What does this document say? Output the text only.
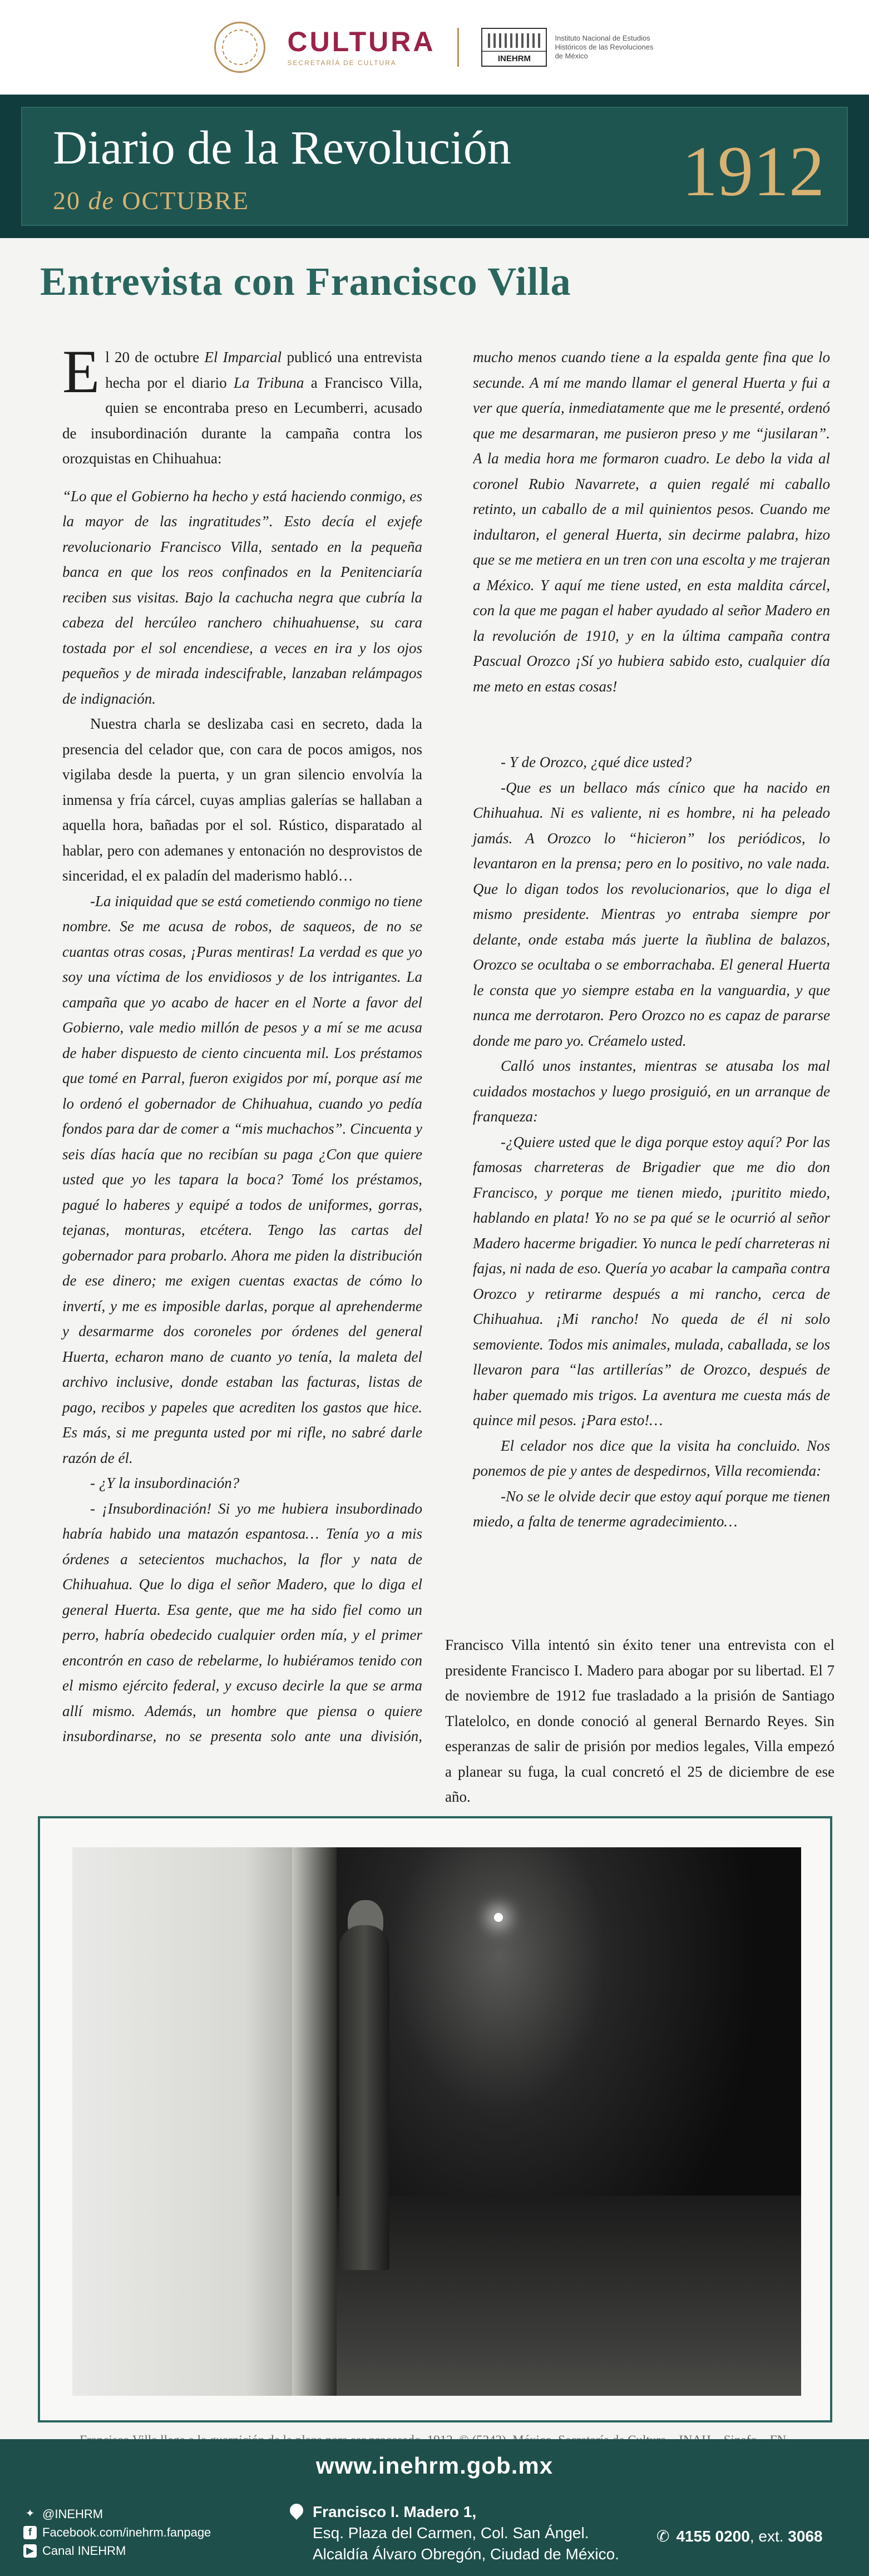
CULTURA
SECRETARÍA DE CULTURA	INEHRM
Instituto Nacional de Estudios Históricos de las Revoluciones de México
Diario de la Revolución
20 de OCTUBRE	1912
Entrevista con Francisco Villa

El 20 de octubre El Imparcial publicó una entrevista hecha por el diario La Tribuna a Francisco Villa, quien se encontraba preso en Lecumberri, acusado de insubordinación durante la campaña contra los orozquistas en Chihuahua:

“Lo que el Gobierno ha hecho y está haciendo conmigo, es la mayor de las ingratitudes”. Esto decía el exjefe revolucionario Francisco Villa, sentado en la pequeña banca en que los reos confinados en la Penitenciaría reciben sus visitas. Bajo la cachucha negra que cubría la cabeza del hercúleo ranchero chihuahuense, su cara tostada por el sol encendiese, a veces en ira y los ojos pequeños y de mirada indescifrable, lanzaban relámpagos de indignación.

Nuestra charla se deslizaba casi en secreto, dada la presencia del celador que, con cara de pocos amigos, nos vigilaba desde la puerta, y un gran silencio envolvía la inmensa y fría cárcel, cuyas amplias galerías se hallaban a aquella hora, bañadas por el sol. Rústico, disparatado al hablar, pero con ademanes y entonación no desprovistos de sinceridad, el ex paladín del maderismo habló…

-La iniquidad que se está cometiendo conmigo no tiene nombre. Se me acusa de robos, de saqueos, de no se cuantas otras cosas, ¡Puras mentiras! La verdad es que yo soy una víctima de los envidiosos y de los intrigantes. La campaña que yo acabo de hacer en el Norte a favor del Gobierno, vale medio millón de pesos y a mí se me acusa de haber dispuesto de ciento cincuenta mil. Los préstamos que tomé en Parral, fueron exigidos por mí, porque así me lo ordenó el gobernador de Chihuahua, cuando yo pedía fondos para dar de comer a “mis muchachos”. Cincuenta y seis días hacía que no recibían su paga ¿Con que quiere usted que yo les tapara la boca? Tomé los préstamos, pagué lo haberes y equipé a todos de uniformes, gorras, tejanas, monturas, etcétera. Tengo las cartas del gobernador para probarlo. Ahora me piden la distribución de ese dinero; me exigen cuentas exactas de cómo lo invertí, y me es imposible darlas, porque al aprehenderme y desarmarme dos coroneles por órdenes del general Huerta, echaron mano de cuanto yo tenía, la maleta del archivo inclusive, donde estaban las facturas, listas de pago, recibos y papeles que acrediten los gastos que hice. Es más, si me pregunta usted por mi rifle, no sabré darle razón de él.

- ¿Y la insubordinación?

- ¡Insubordinación! Si yo me hubiera insubordinado habría habido una matazón espantosa… Tenía yo a mis órdenes a setecientos muchachos, la flor y nata de Chihuahua. Que lo diga el señor Madero, que lo diga el general Huerta. Esa gente, que me ha sido fiel como un perro, habría obedecido cualquier orden mía, y el primer encontrón en caso de rebelarme, lo hubiéramos tenido con el mismo ejército federal, y excuso decirle la que se arma allí mismo. Además, un hombre que piensa o quiere insubordinarse, no se presenta solo ante una división,

mucho menos cuando tiene a la espalda gente fina que lo secunde. A mí me mando llamar el general Huerta y fui a ver que quería, inmediatamente que me le presenté, ordenó que me desarmaran, me pusieron preso y me “jusilaran”. A la media hora me formaron cuadro. Le debo la vida al coronel Rubio Navarrete, a quien regalé mi caballo retinto, un caballo de a mil quinientos pesos. Cuando me indultaron, el general Huerta, sin decirme palabra, hizo que se me metiera en un tren con una escolta y me trajeran a México. Y aquí me tiene usted, en esta maldita cárcel, con la que me pagan el haber ayudado al señor Madero en la revolución de 1910, y en la última campaña contra Pascual Orozco ¡Sí yo hubiera sabido esto, cualquier día me meto en estas cosas!

- Y de Orozco, ¿qué dice usted?

-Que es un bellaco más cínico que ha nacido en Chihuahua. Ni es valiente, ni es hombre, ni ha peleado jamás. A Orozco lo “hicieron” los periódicos, lo levantaron en la prensa; pero en lo positivo, no vale nada. Que lo digan todos los revolucionarios, que lo diga el mismo presidente. Mientras yo entraba siempre por delante, onde estaba más juerte la ñublina de balazos, Orozco se ocultaba o se emborrachaba. El general Huerta le consta que yo siempre estaba en la vanguardia, y que nunca me derrotaron. Pero Orozco no es capaz de pararse donde me paro yo. Créamelo usted.

Calló unos instantes, mientras se atusaba los mal cuidados mostachos y luego prosiguió, en un arranque de franqueza:

-¿Quiere usted que le diga porque estoy aquí? Por las famosas charreteras de Brigadier que me dio don Francisco, y porque me tienen miedo, ¡puritito miedo, hablando en plata! Yo no se pa qué se le ocurrió al señor Madero hacerme brigadier. Yo nunca le pedí charreteras ni fajas, ni nada de eso. Quería yo acabar la campaña contra Orozco y retirarme después a mi rancho, cerca de Chihuahua. ¡Mi rancho! No queda de él ni solo semoviente. Todos mis animales, mulada, caballada, se los llevaron para “las artillerías” de Orozco, después de haber quemado mis trigos. La aventura me cuesta más de quince mil pesos. ¡Para esto!…

El celador nos dice que la visita ha concluido. Nos ponemos de pie y antes de despedirnos, Villa recomienda:

-No se le olvide decir que estoy aquí porque me tienen miedo, a falta de tenerme agradecimiento…

Francisco Villa intentó sin éxito tener una entrevista con el presidente Francisco I. Madero para abogar por su libertad. El 7 de noviembre de 1912 fue trasladado a la prisión de Santiago Tlatelolco, en donde conoció al general Bernardo Reyes. Sin esperanzas de salir de prisión por medios legales, Villa empezó a planear su fuga, la cual concretó el 25 de diciembre de ese año.

www.inehrm.gob.mx
✦ @INEHRM
f Facebook.com/inehrm.fanpage
▶ Canal INEHRM
Francisco I. Madero 1,
Esq. Plaza del Carmen, Col. San Ángel.
Alcaldía Álvaro Obregón, Ciudad de México.
✆ 4155 0200, ext. 3068
